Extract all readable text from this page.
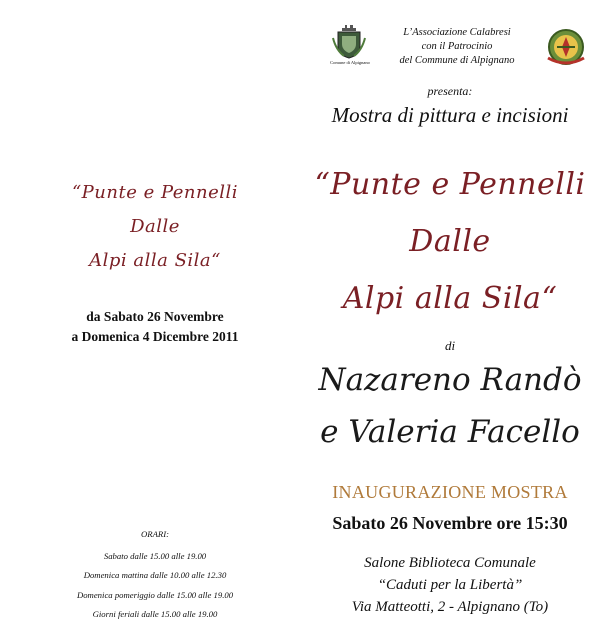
“Punte e Pennelli
Dalle
Alpi alla Sila“
da Sabato 26 Novembre
a Domenica 4 Dicembre 2011
ORARI:
Sabato dalle 15.00 alle 19.00
Domenica mattina dalle 10.00 alle 12.30
Domenica pomeriggio dalle 15.00 alle 19.00
Giorni feriali dalle 15.00 alle 19.00
Comune di Alpignano
L’Associazione Calabresi
con il Patrocinio
del Commune di Alpignano
presenta:
Mostra di pittura e incisioni
“Punte e Pennelli
Dalle
Alpi alla Sila“
di
Nazareno Randò
e Valeria Facello
INAUGURAZIONE MOSTRA
Sabato 26 Novembre ore 15:30
Salone Biblioteca Comunale
“Caduti per la Libertà”
Via Matteotti, 2 - Alpignano (To)
